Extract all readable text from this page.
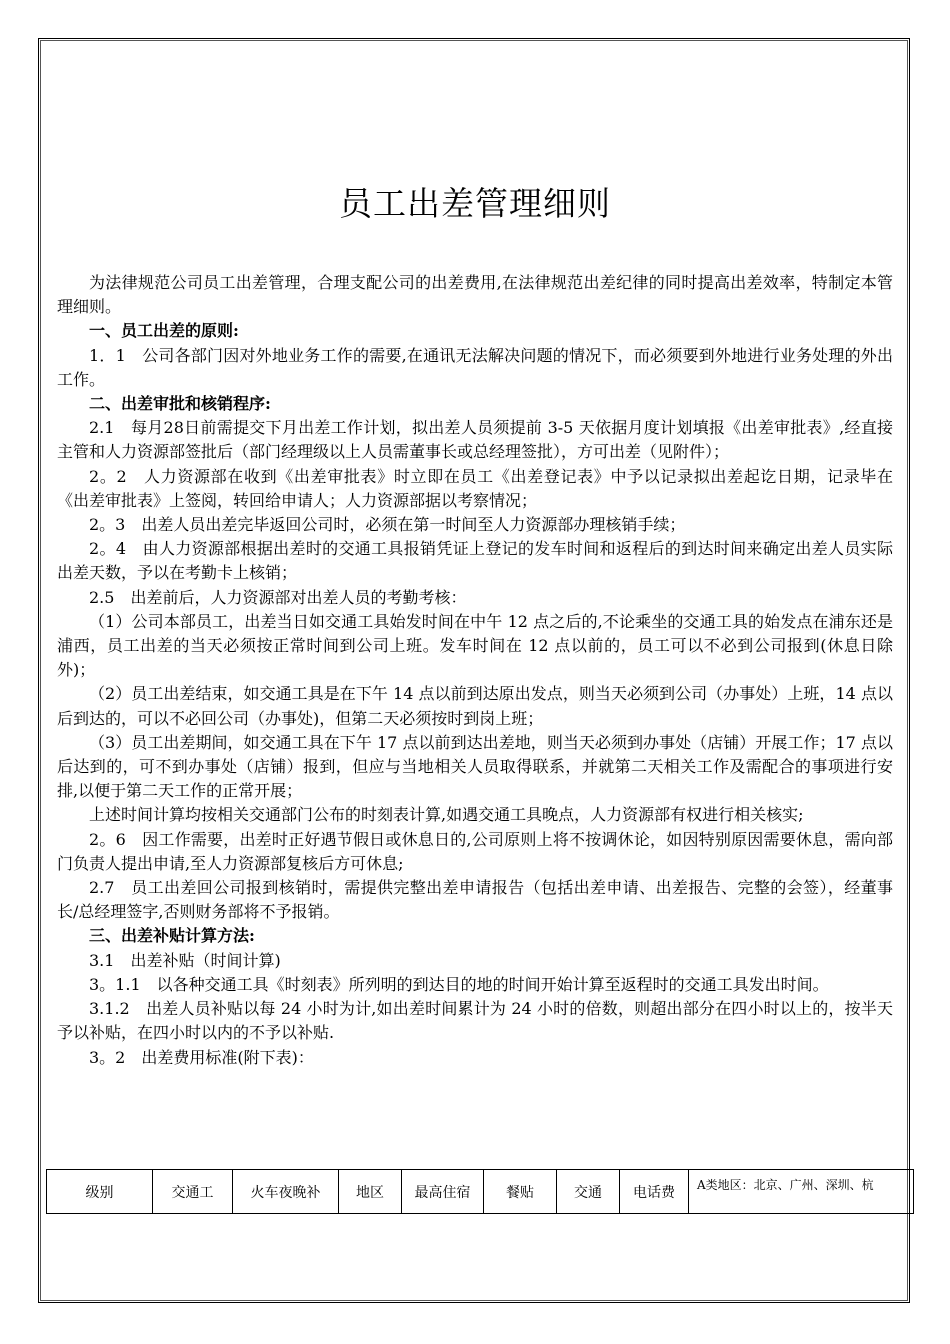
员工出差管理细则

为法律规范公司员工出差管理，合理支配公司的出差费用,在法律规范出差纪律的同时提高出差效率，特制定本管理细则。

一、员工出差的原则:

1．1　公司各部门因对外地业务工作的需要,在通讯无法解决问题的情况下，而必须要到外地进行业务处理的外出工作。

二、出差审批和核销程序:

2.1　每月28日前需提交下月出差工作计划，拟出差人员须提前 3-5 天依据月度计划填报《出差审批表》,经直接主管和人力资源部签批后（部门经理级以上人员需董事长或总经理签批），方可出差（见附件）；

2。2　人力资源部在收到《出差审批表》时立即在员工《出差登记表》中予以记录拟出差起讫日期，记录毕在《出差审批表》上签阅，转回给申请人；人力资源部据以考察情况；

2。3　出差人员出差完毕返回公司时，必须在第一时间至人力资源部办理核销手续；

2。4　由人力资源部根据出差时的交通工具报销凭证上登记的发车时间和返程后的到达时间来确定出差人员实际出差天数，予以在考勤卡上核销；

2.5　出差前后，人力资源部对出差人员的考勤考核：

（1）公司本部员工，出差当日如交通工具始发时间在中午 12 点之后的,不论乘坐的交通工具的始发点在浦东还是浦西，员工出差的当天必须按正常时间到公司上班。发车时间在 12 点以前的，员工可以不必到公司报到(休息日除外)；

（2）员工出差结束，如交通工具是在下午 14 点以前到达原出发点，则当天必须到公司（办事处）上班，14 点以后到达的，可以不必回公司（办事处)，但第二天必须按时到岗上班；

（3）员工出差期间，如交通工具在下午 17 点以前到达出差地，则当天必须到办事处（店铺）开展工作；17 点以后达到的，可不到办事处（店铺）报到，但应与当地相关人员取得联系，并就第二天相关工作及需配合的事项进行安排,以便于第二天工作的正常开展；

上述时间计算均按相关交通部门公布的时刻表计算,如遇交通工具晚点，人力资源部有权进行相关核实;

2。6　因工作需要，出差时正好遇节假日或休息日的,公司原则上将不按调休论，如因特别原因需要休息，需向部门负责人提出申请,至人力资源部复核后方可休息;

2.7　员工出差回公司报到核销时，需提供完整出差申请报告（包括出差申请、出差报告、完整的会签），经董事长/总经理签字,否则财务部将不予报销。

三、出差补贴计算方法:

3.1　出差补贴（时间计算)

3。1.1　以各种交通工具《时刻表》所列明的到达目的地的时间开始计算至返程时的交通工具发出时间。

3.1.2　出差人员补贴以每 24 小时为计,如出差时间累计为 24 小时的倍数，则超出部分在四小时以上的，按半天予以补贴，在四小时以内的不予以补贴.

3。2　出差费用标准(附下表)：

级别	交通工	火车夜晚补	地区	最高住宿	餐贴	交通	电话费	A类地区：北京、广州、深圳、杭
